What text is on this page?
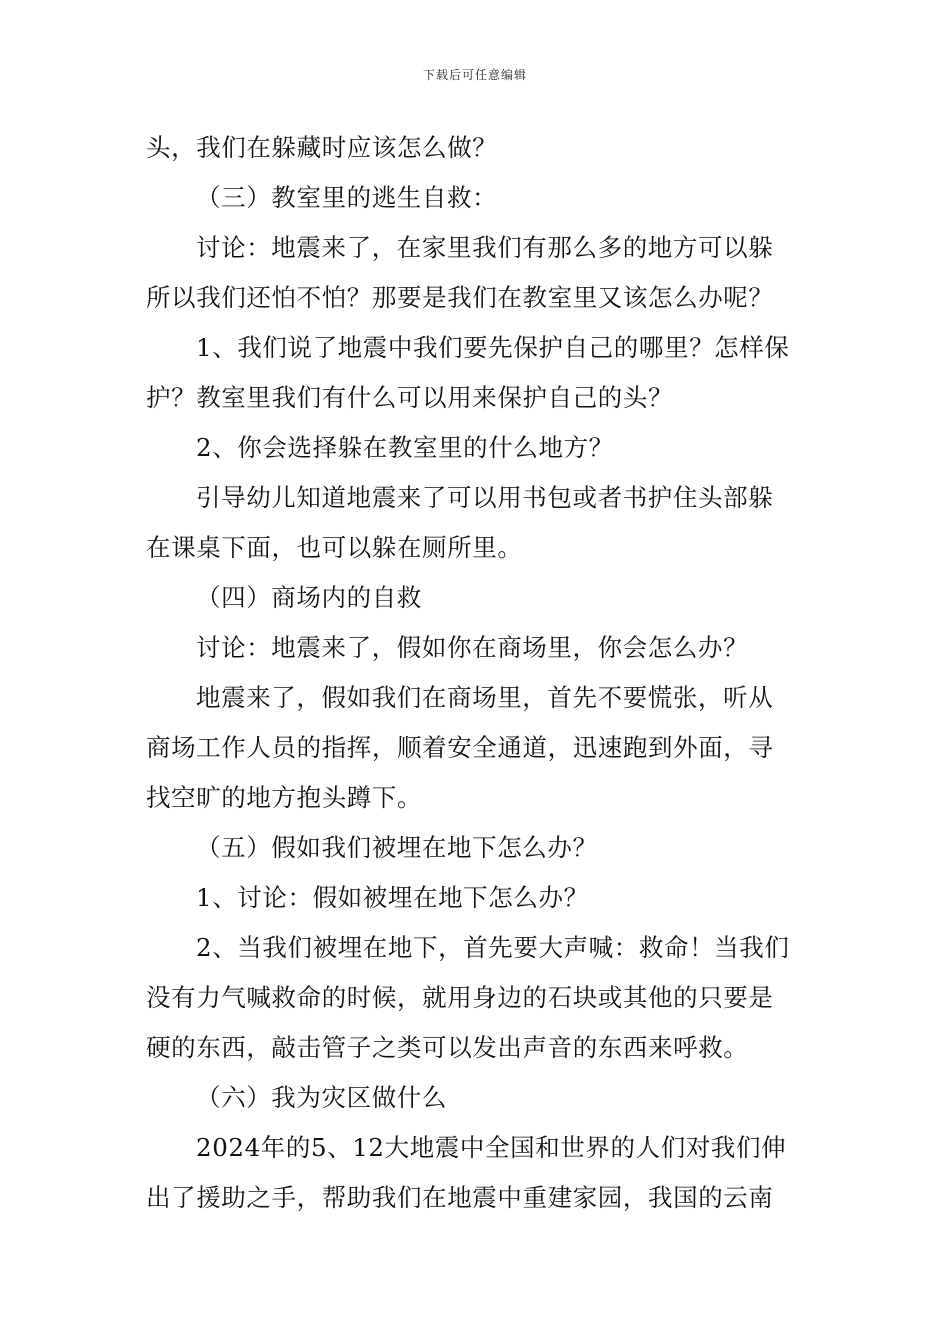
下载后可任意编辑
头，我们在躲藏时应该怎么做？
（三）教室里的逃生自救：
讨论：地震来了，在家里我们有那么多的地方可以躲
所以我们还怕不怕？那要是我们在教室里又该怎么办呢？
1、我们说了地震中我们要先保护自己的哪里？怎样保
护？教室里我们有什么可以用来保护自己的头？
2、你会选择躲在教室里的什么地方？
引导幼儿知道地震来了可以用书包或者书护住头部躲
在课桌下面，也可以躲在厕所里。
（四）商场内的自救
讨论：地震来了，假如你在商场里，你会怎么办？
地震来了，假如我们在商场里，首先不要慌张，听从
商场工作人员的指挥，顺着安全通道，迅速跑到外面，寻
找空旷的地方抱头蹲下。
（五）假如我们被埋在地下怎么办？
1、讨论：假如被埋在地下怎么办？
2、当我们被埋在地下，首先要大声喊：救命！当我们
没有力气喊救命的时候，就用身边的石块或其他的只要是
硬的东西，敲击管子之类可以发出声音的东西来呼救。
（六）我为灾区做什么
2024年的5、12大地震中全国和世界的人们对我们伸
出了援助之手，帮助我们在地震中重建家园，我国的云南
